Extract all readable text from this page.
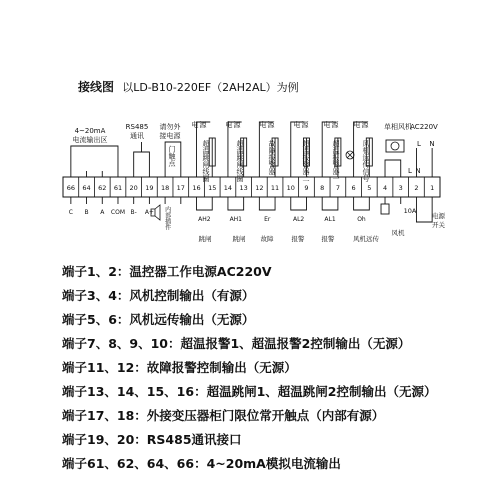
接线图 以LD-B10-220EF（2AH2AL）为例
66 64 62 61 20 19 18 17 16 15 14 13 12 11 10 9 8 7 6 5 4 3 2 1
4~20mA
电流输出区
RS485
通讯
请勿外
接电源
门触点
电 源	电 源	电 源	电 源 电 源 电 源
超温跳闸线圈	超温跳闸线圈	故障报警器	超温报警器二	超温报警器一	风机远传信号
单相风机
AC220V
L N
L N
C B A COM B- A+ 内部插件	AH2	AH1	Er	AL2	AL1	Oh
跳闸	跳闸 故障	报警	报警	风机远传
风机
10A
电源
开关
端子1、2：温控器工作电源AC220V
端子3、4：风机控制输出（有源）
端子5、6：风机远传输出（无源）
端子7、8、9、10：超温报警1、超温报警2控制输出（无源）
端子11、12：故障报警控制输出（无源）
端子13、14、15、16：超温跳闸1、超温跳闸2控制输出（无源）
端子17、18：外接变压器柜门限位常开触点（内部有源）
端子19、20：RS485通讯接口
端子61、62、64、66：4~20mA模拟电流输出
